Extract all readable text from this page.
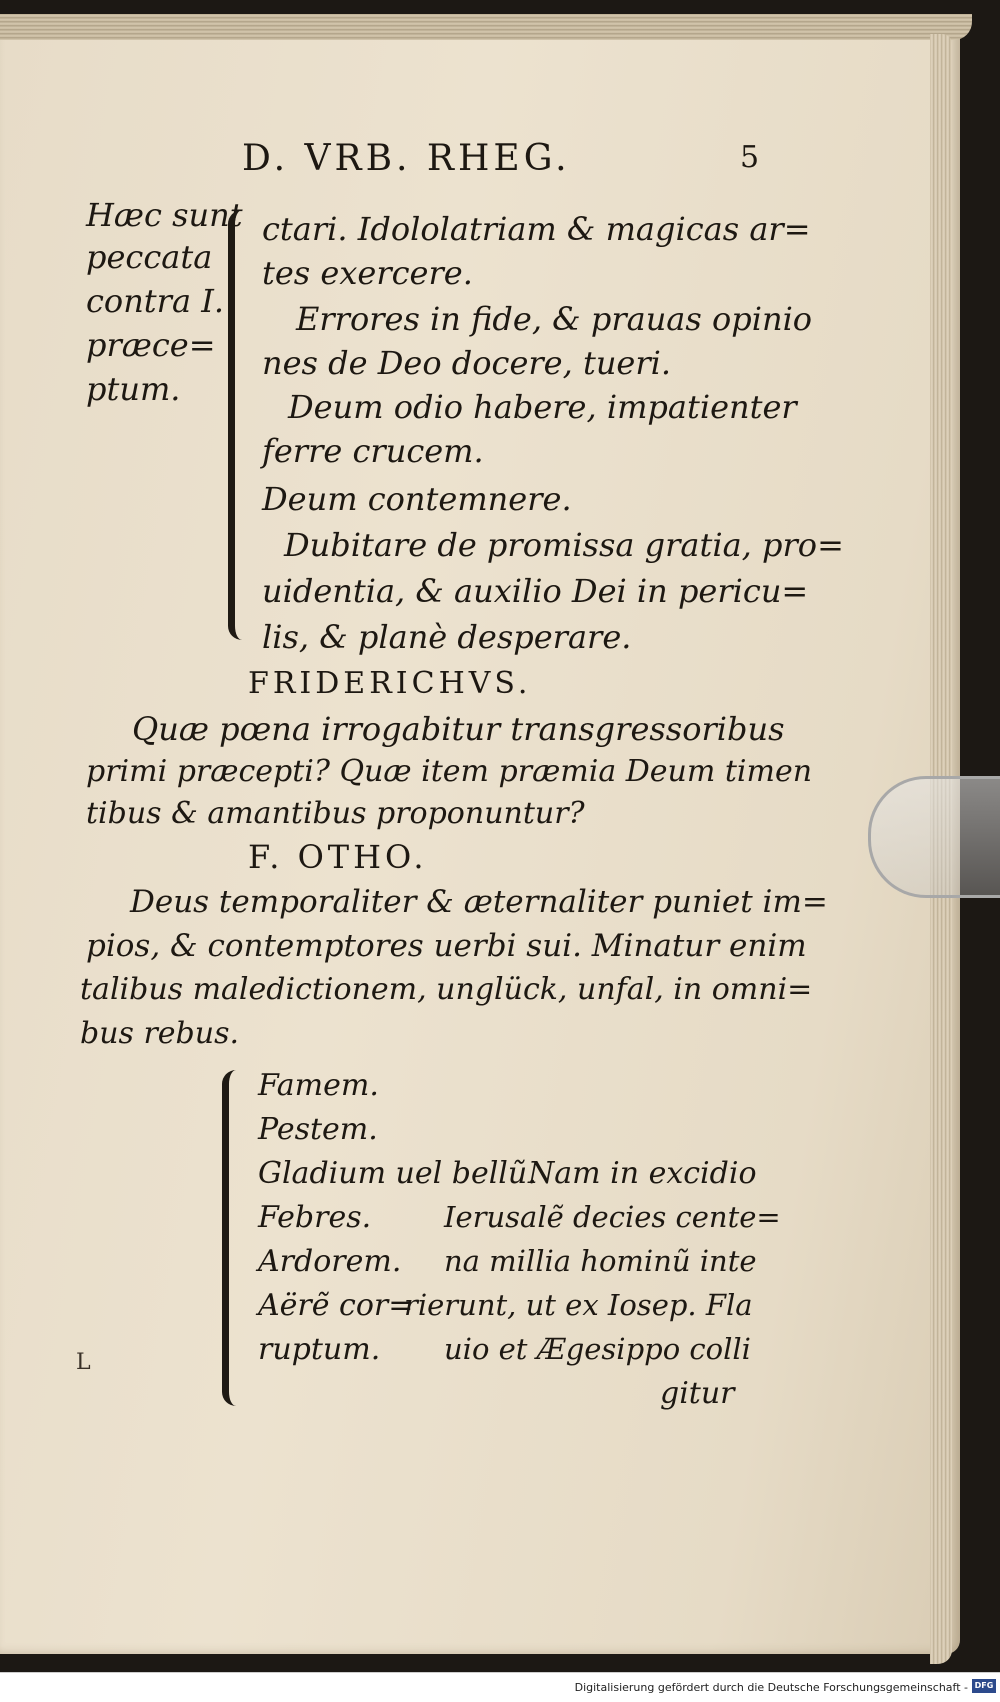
D. VRB. RHEG.	5
Hæc sunt
peccata
contra I.
præce=
ptum.
ctari. Idololatriam & magicas ar=
tes exercere.
Errores in fide, & prauas opinio
nes de Deo docere, tueri.
Deum odio habere, impatienter
ferre crucem.
Deum contemnere.
Dubitare de promissa gratia, pro=
uidentia, & auxilio Dei in pericu=
lis, & planè desperare.
FRIDERICHVS.
Quæ pœna irrogabitur transgressoribus
primi præcepti? Quæ item præmia Deum timen
tibus & amantibus proponuntur?
F. OTHO.
Deus temporaliter & æternaliter puniet im=
pios, & contemptores uerbi sui. Minatur enim
talibus maledictionem, unglück, unfal, in omni=
bus rebus.
Famem.
Pestem.
Gladium uel bellũ.
Febres.
Ardorem.
Aërẽ cor=
ruptum.
Nam in excidio
Ierusalẽ decies cente=
na millia hominũ inte
rierunt, ut ex Iosep. Fla
uio et Ægesippo colli
gitur
L
Digitalisierung gefördert durch die Deutsche Forschungsgemeinschaft - DFG
